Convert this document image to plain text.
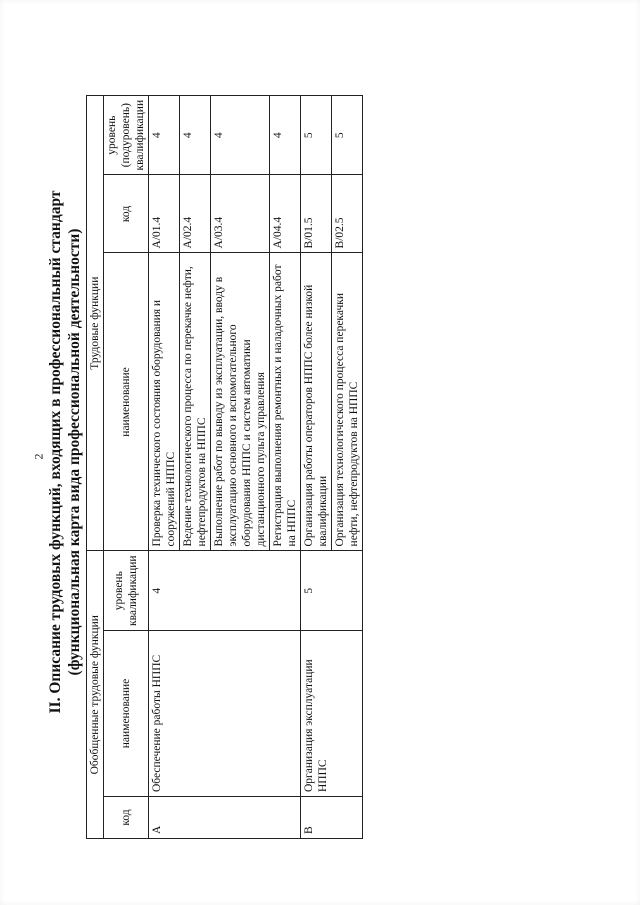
II. Описание трудовых функций, входящих в профессиональный стандарт (функциональная карта вида профессиональной деятельности)
Обобщенные трудовые функции			Трудовые функции		
код	наименование	уровень квалификации	наименование	код	уровень (подуровень) квалификации
A	Обеспечение работы НППС	4	Проверка технического состояния оборудования и сооружений НППС	A/01.4	4
			Ведение технологического процесса по перекачке нефти, нефтепродуктов на НППС	A/02.4	4
			Выполнение работ по выводу из эксплуатации, вводу в эксплуатацию основного и вспомогательного оборудования НППС и систем автоматики дистанционного пульта управления	A/03.4	4
			Регистрация выполнения ремонтных и наладочных работ на НППС	A/04.4	4
B	Организация эксплуатации НППС	5	Организация работы операторов НППС более низкой квалификации	B/01.5	5
			Организация технологического процесса перекачки нефти, нефтепродуктов на НППС	B/02.5	5
2
